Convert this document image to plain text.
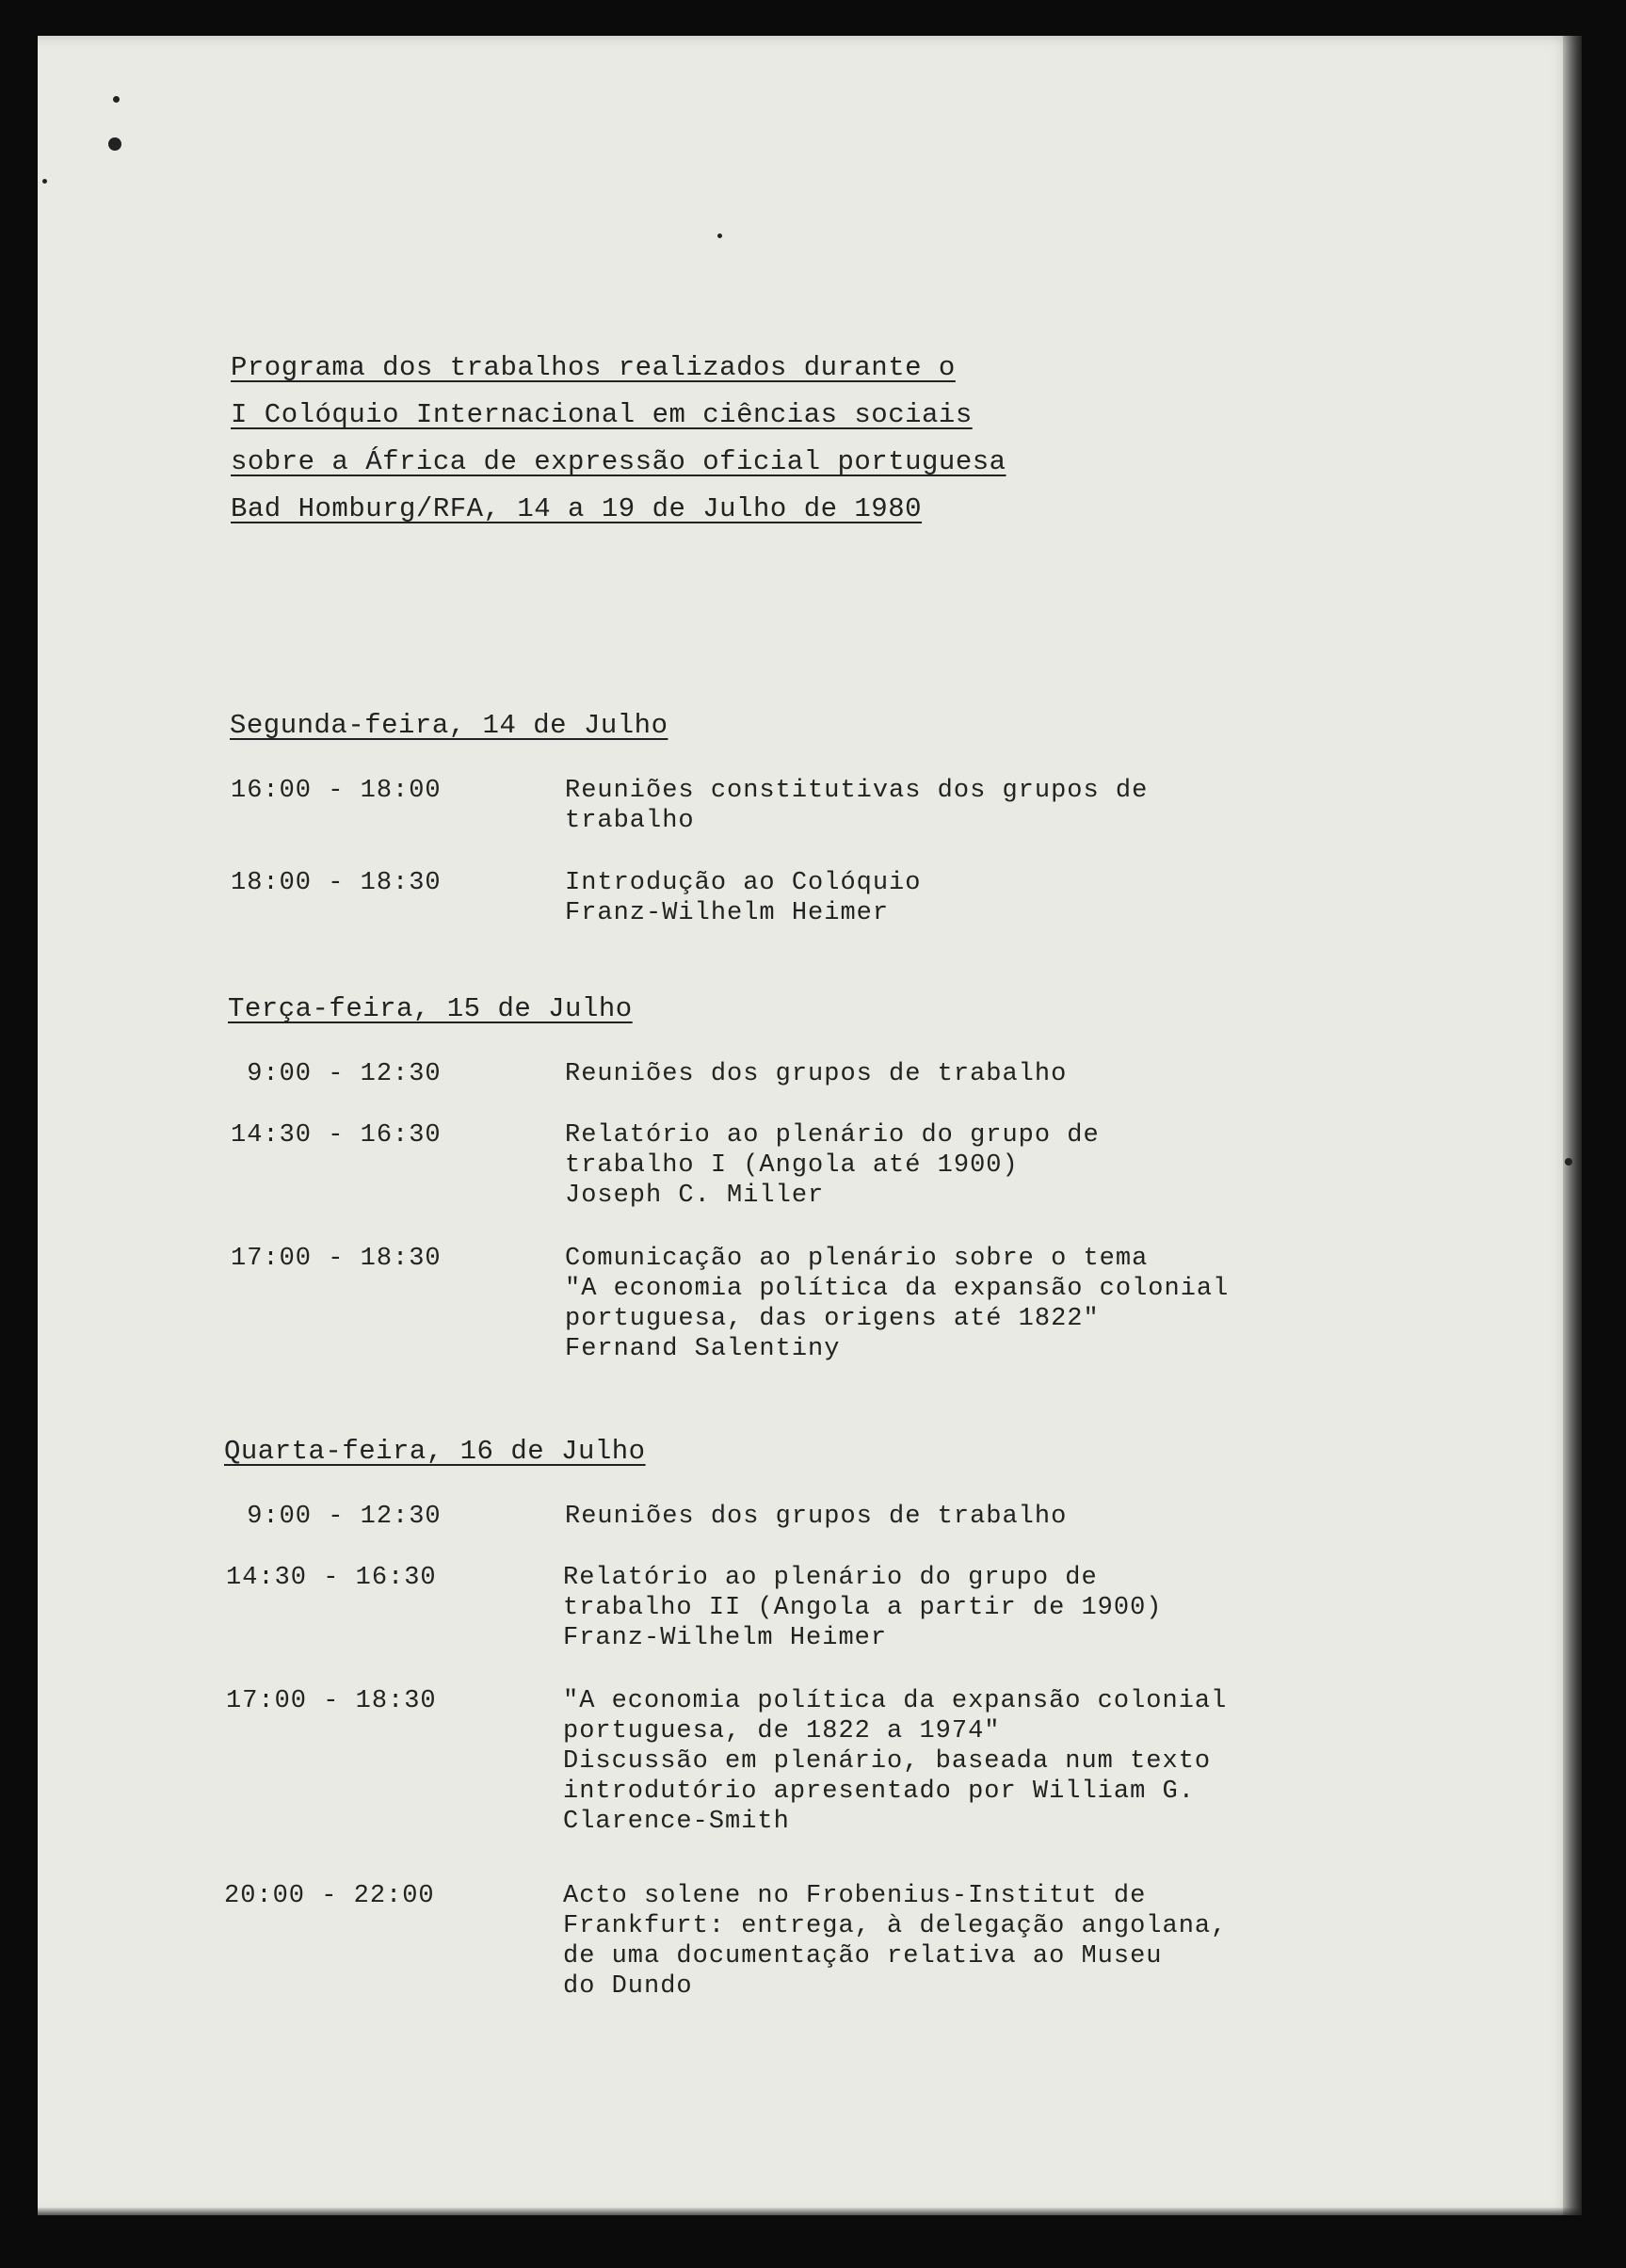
Programa dos trabalhos realizados durante o
I Colóquio Internacional em ciências sociais
sobre a África de expressão oficial portuguesa
Bad Homburg/RFA, 14 a 19 de Julho de 1980
Segunda-feira, 14 de Julho
16:00 - 18:00	Reuniões constitutivas dos grupos de
trabalho
18:00 - 18:30	Introdução ao Colóquio
Franz-Wilhelm Heimer
Terça-feira, 15 de Julho
9:00 - 12:30	Reuniões dos grupos de trabalho
14:30 - 16:30	Relatório ao plenário do grupo de
trabalho I (Angola até 1900)
Joseph C. Miller
17:00 - 18:30	Comunicação ao plenário sobre o tema
"A economia política da expansão colonial
portuguesa, das origens até 1822"
Fernand Salentiny
Quarta-feira, 16 de Julho
9:00 - 12:30	Reuniões dos grupos de trabalho
14:30 - 16:30	Relatório ao plenário do grupo de
trabalho II (Angola a partir de 1900)
Franz-Wilhelm Heimer
17:00 - 18:30	"A economia política da expansão colonial
portuguesa, de 1822 a 1974"
Discussão em plenário, baseada num texto
introdutório apresentado por William G.
Clarence-Smith
20:00 - 22:00	Acto solene no Frobenius-Institut de
Frankfurt: entrega, à delegação angolana,
de uma documentação relativa ao Museu
do Dundo
